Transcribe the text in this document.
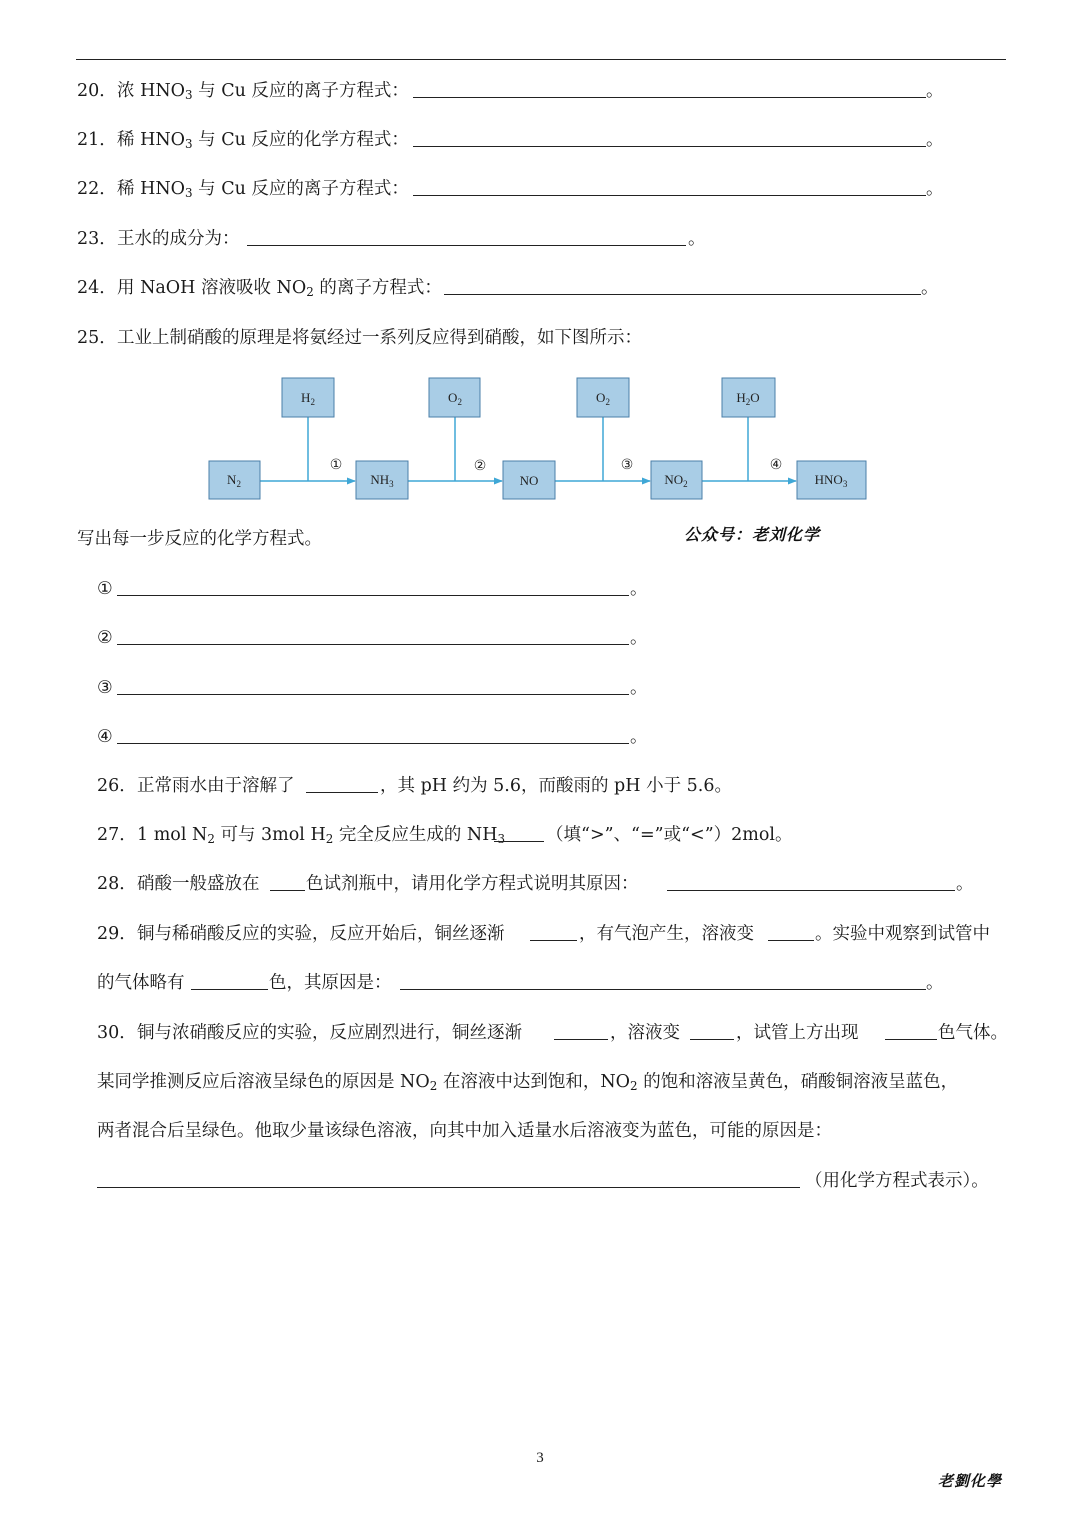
20． 浓 $HNO_3$ 与 Cu 反应的离子方程式：	。
21． 稀 $HNO_3$ 与 Cu 反应的化学方程式：	。
22． 稀 $HNO_3$ 与 Cu 反应的离子方程式：	。
23． 王水的成分为：	。
24． 用 NaOH 溶液吸收 $NO_2$ 的离子方程式：	。
25． 工业上制硝酸的原理是将氨经过一系列反应得到硝酸，如下图所示：
$H_2$	$O_2$	$O_2$	$H_2O$
$N_2$	$NH_3$	NO	$NO_2$	$HNO_3$
①	②	③	④
写出每一步反应的化学方程式。	公众号：老刘化学
①	。
②	。
③	。
④	。
26． 正常雨水由于溶解了	，其 pH 约为 5.6，而酸雨的 pH 小于 5.6。
27． 1 mol $N_2$ 可与 3mol $H_2$ 完全反应生成的 $NH_3$ （填“>”、“=”或“<”）2mol。
28． 硝酸一般盛放在	色试剂瓶中，请用化学方程式说明其原因：	。
29． 铜与稀硝酸反应的实验，反应开始后，铜丝逐渐	，有气泡产生，溶液变	。实验中观察到试管中
的气体略有	色，其原因是：	。
30． 铜与浓硝酸反应的实验，反应剧烈进行，铜丝逐渐	，溶液变	，试管上方出现	色气体。
某同学推测反应后溶液呈绿色的原因是 $NO_2$ 在溶液中达到饱和，$NO_2$ 的饱和溶液呈黄色，硝酸铜溶液呈蓝色，
两者混合后呈绿色。他取少量该绿色溶液，向其中加入适量水后溶液变为蓝色，可能的原因是：
（用化学方程式表示）。
3
老劉化學
